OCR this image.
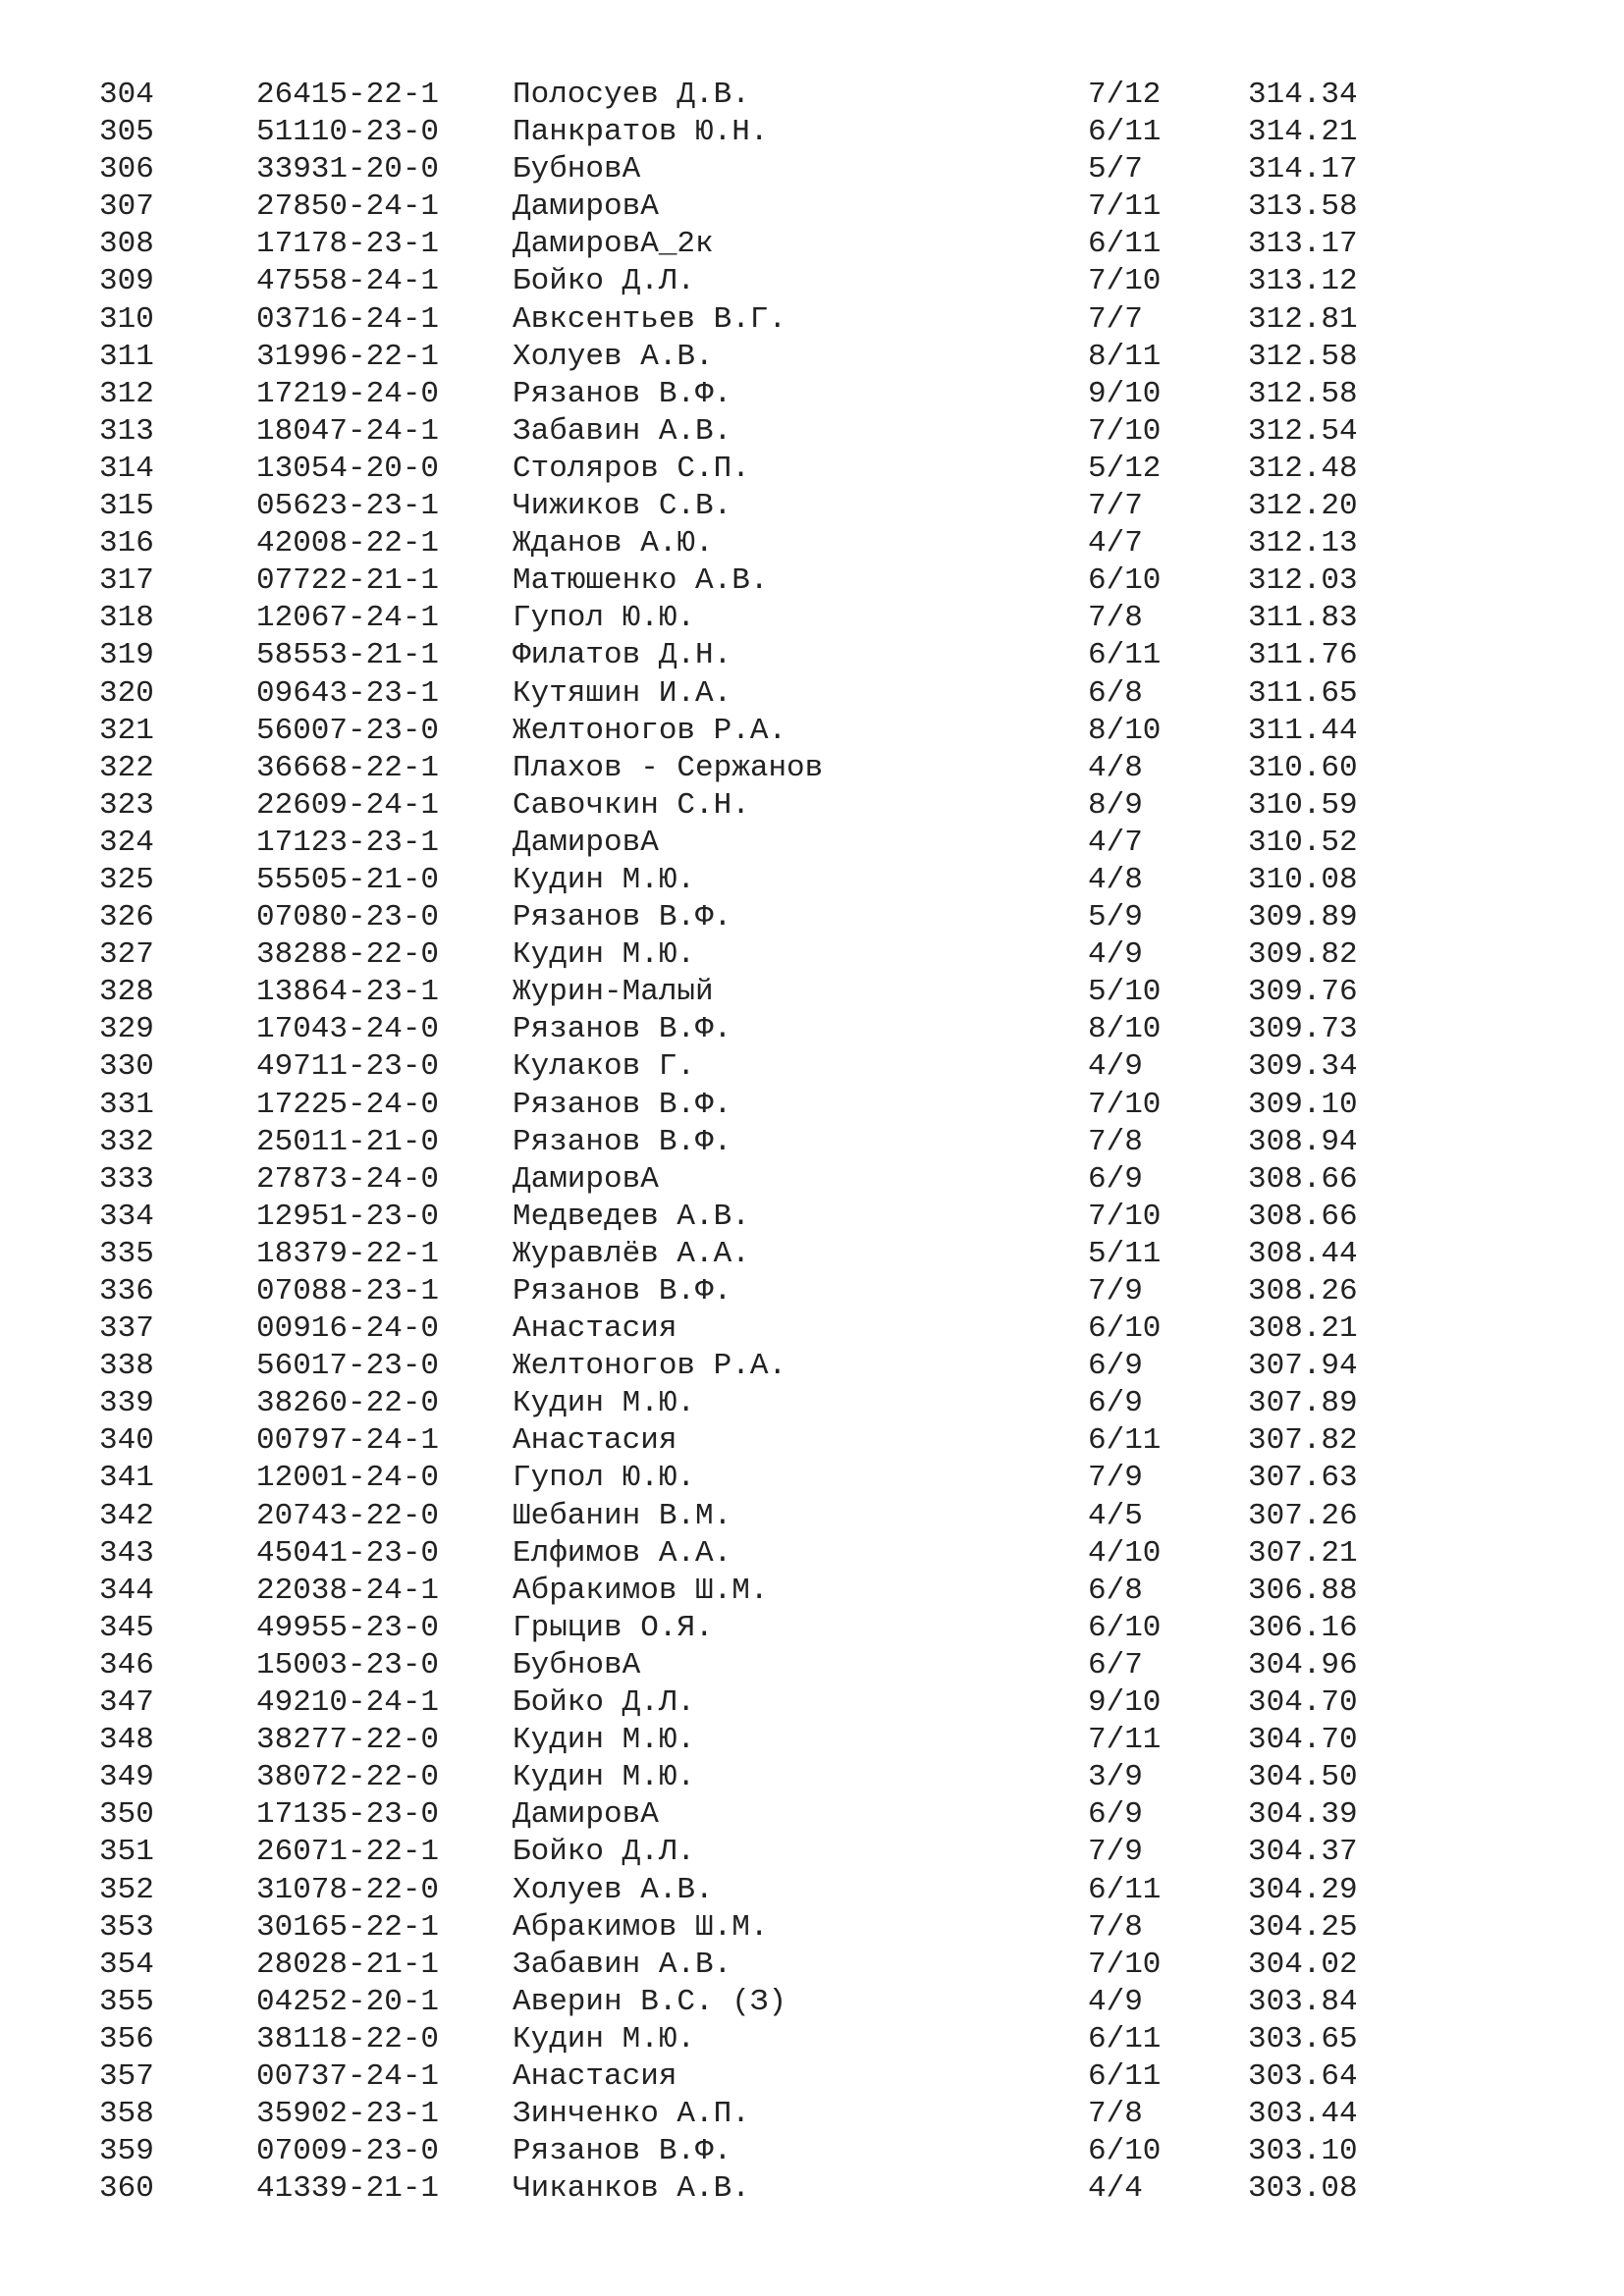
304	26415-22-1 Полосуев Д.В.	7/12	314.34
305	51110-23-0 Панкратов Ю.Н.	6/11	314.21
306	33931-20-0 БубновА	5/7	314.17
307	27850-24-1 ДамировА	7/11	313.58
308	17178-23-1 ДамировА_2к	6/11	313.17
309	47558-24-1 Бойко Д.Л.	7/10	313.12
310	03716-24-1 Авксентьев В.Г.	7/7	312.81
311	31996-22-1 Холуев А.В.	8/11	312.58
312	17219-24-0 Рязанов В.Ф.	9/10	312.58
313	18047-24-1 Забавин А.В.	7/10	312.54
314	13054-20-0 Столяров С.П.	5/12	312.48
315	05623-23-1 Чижиков С.В.	7/7	312.20
316	42008-22-1 Жданов А.Ю.	4/7	312.13
317	07722-21-1 Матюшенко А.В.	6/10	312.03
318	12067-24-1 Гупол Ю.Ю.	7/8	311.83
319	58553-21-1 Филатов Д.Н.	6/11	311.76
320	09643-23-1 Кутяшин И.А.	6/8	311.65
321	56007-23-0 Желтоногов Р.А.	8/10	311.44
322	36668-22-1 Плахов - Сержанов	4/8	310.60
323	22609-24-1 Савочкин С.Н.	8/9	310.59
324	17123-23-1 ДамировА	4/7	310.52
325	55505-21-0 Кудин М.Ю.	4/8	310.08
326	07080-23-0 Рязанов В.Ф.	5/9	309.89
327	38288-22-0 Кудин М.Ю.	4/9	309.82
328	13864-23-1 Журин-Малый	5/10	309.76
329	17043-24-0 Рязанов В.Ф.	8/10	309.73
330	49711-23-0 Кулаков Г.	4/9	309.34
331	17225-24-0 Рязанов В.Ф.	7/10	309.10
332	25011-21-0 Рязанов В.Ф.	7/8	308.94
333	27873-24-0 ДамировА	6/9	308.66
334	12951-23-0 Медведев А.В.	7/10	308.66
335	18379-22-1 Журавлёв А.А.	5/11	308.44
336	07088-23-1 Рязанов В.Ф.	7/9	308.26
337	00916-24-0 Анастасия	6/10	308.21
338	56017-23-0 Желтоногов Р.А.	6/9	307.94
339	38260-22-0 Кудин М.Ю.	6/9	307.89
340	00797-24-1 Анастасия	6/11	307.82
341	12001-24-0 Гупол Ю.Ю.	7/9	307.63
342	20743-22-0 Шебанин В.М.	4/5	307.26
343	45041-23-0 Елфимов А.А.	4/10	307.21
344	22038-24-1 Абракимов Ш.М.	6/8	306.88
345	49955-23-0 Грыцив О.Я.	6/10	306.16
346	15003-23-0 БубновА	6/7	304.96
347	49210-24-1 Бойко Д.Л.	9/10	304.70
348	38277-22-0 Кудин М.Ю.	7/11	304.70
349	38072-22-0 Кудин М.Ю.	3/9	304.50
350	17135-23-0 ДамировА	6/9	304.39
351	26071-22-1 Бойко Д.Л.	7/9	304.37
352	31078-22-0 Холуев А.В.	6/11	304.29
353	30165-22-1 Абракимов Ш.М.	7/8	304.25
354	28028-21-1 Забавин А.В.	7/10	304.02
355	04252-20-1 Аверин В.С. (З)	4/9	303.84
356	38118-22-0 Кудин М.Ю.	6/11	303.65
357	00737-24-1 Анастасия	6/11	303.64
358	35902-23-1 Зинченко А.П.	7/8	303.44
359	07009-23-0 Рязанов В.Ф.	6/10	303.10
360	41339-21-1 Чиканков А.В.	4/4	303.08
